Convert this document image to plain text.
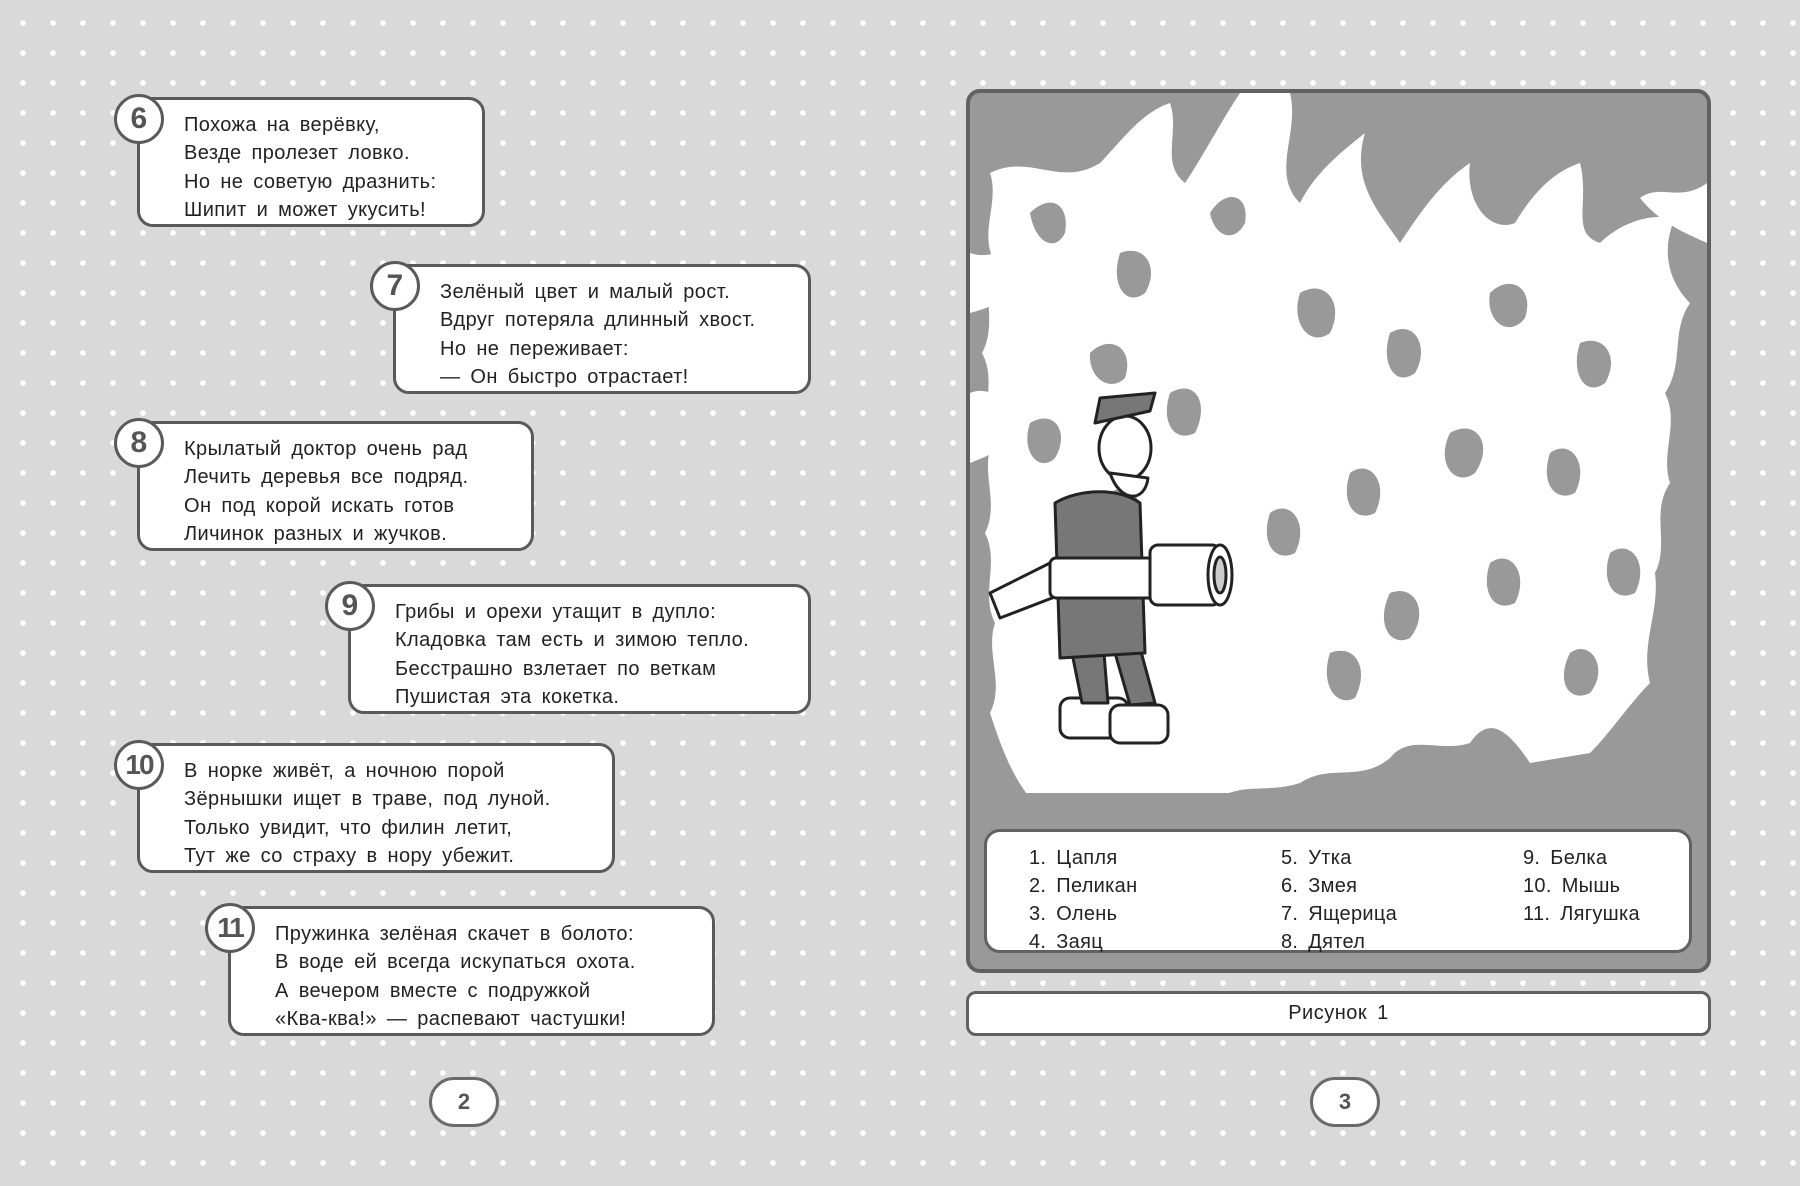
6	Похожа на верёвку,
Везде пролезет ловко.
Но не советую дразнить:
Шипит и может укусить!
7	Зелёный цвет и малый рост.
Вдруг потеряла длинный хвост.
Но не переживает:
— Он быстро отрастает!
8	Крылатый доктор очень рад
Лечить деревья все подряд.
Он под корой искать готов
Личинок разных и жучков.
9	Грибы и орехи утащит в дупло:
Кладовка там есть и зимою тепло.
Бесстрашно взлетает по веткам
Пушистая эта кокетка.
10	В норке живёт, а ночною порой
Зёрнышки ищет в траве, под луной.
Только увидит, что филин летит,
Тут же со страху в нору убежит.
11	Пружинка зелёная скачет в болото:
В воде ей всегда искупаться охота.
А вечером вместе с подружкой
«Ква-ква!» — распевают частушки!
2	3
1. Цапля
2. Пеликан
3. Олень
4. Заяц
5. Утка
6. Змея
7. Ящерица
8. Дятел
9. Белка
10. Мышь
11. Лягушка
Рисунок 1
